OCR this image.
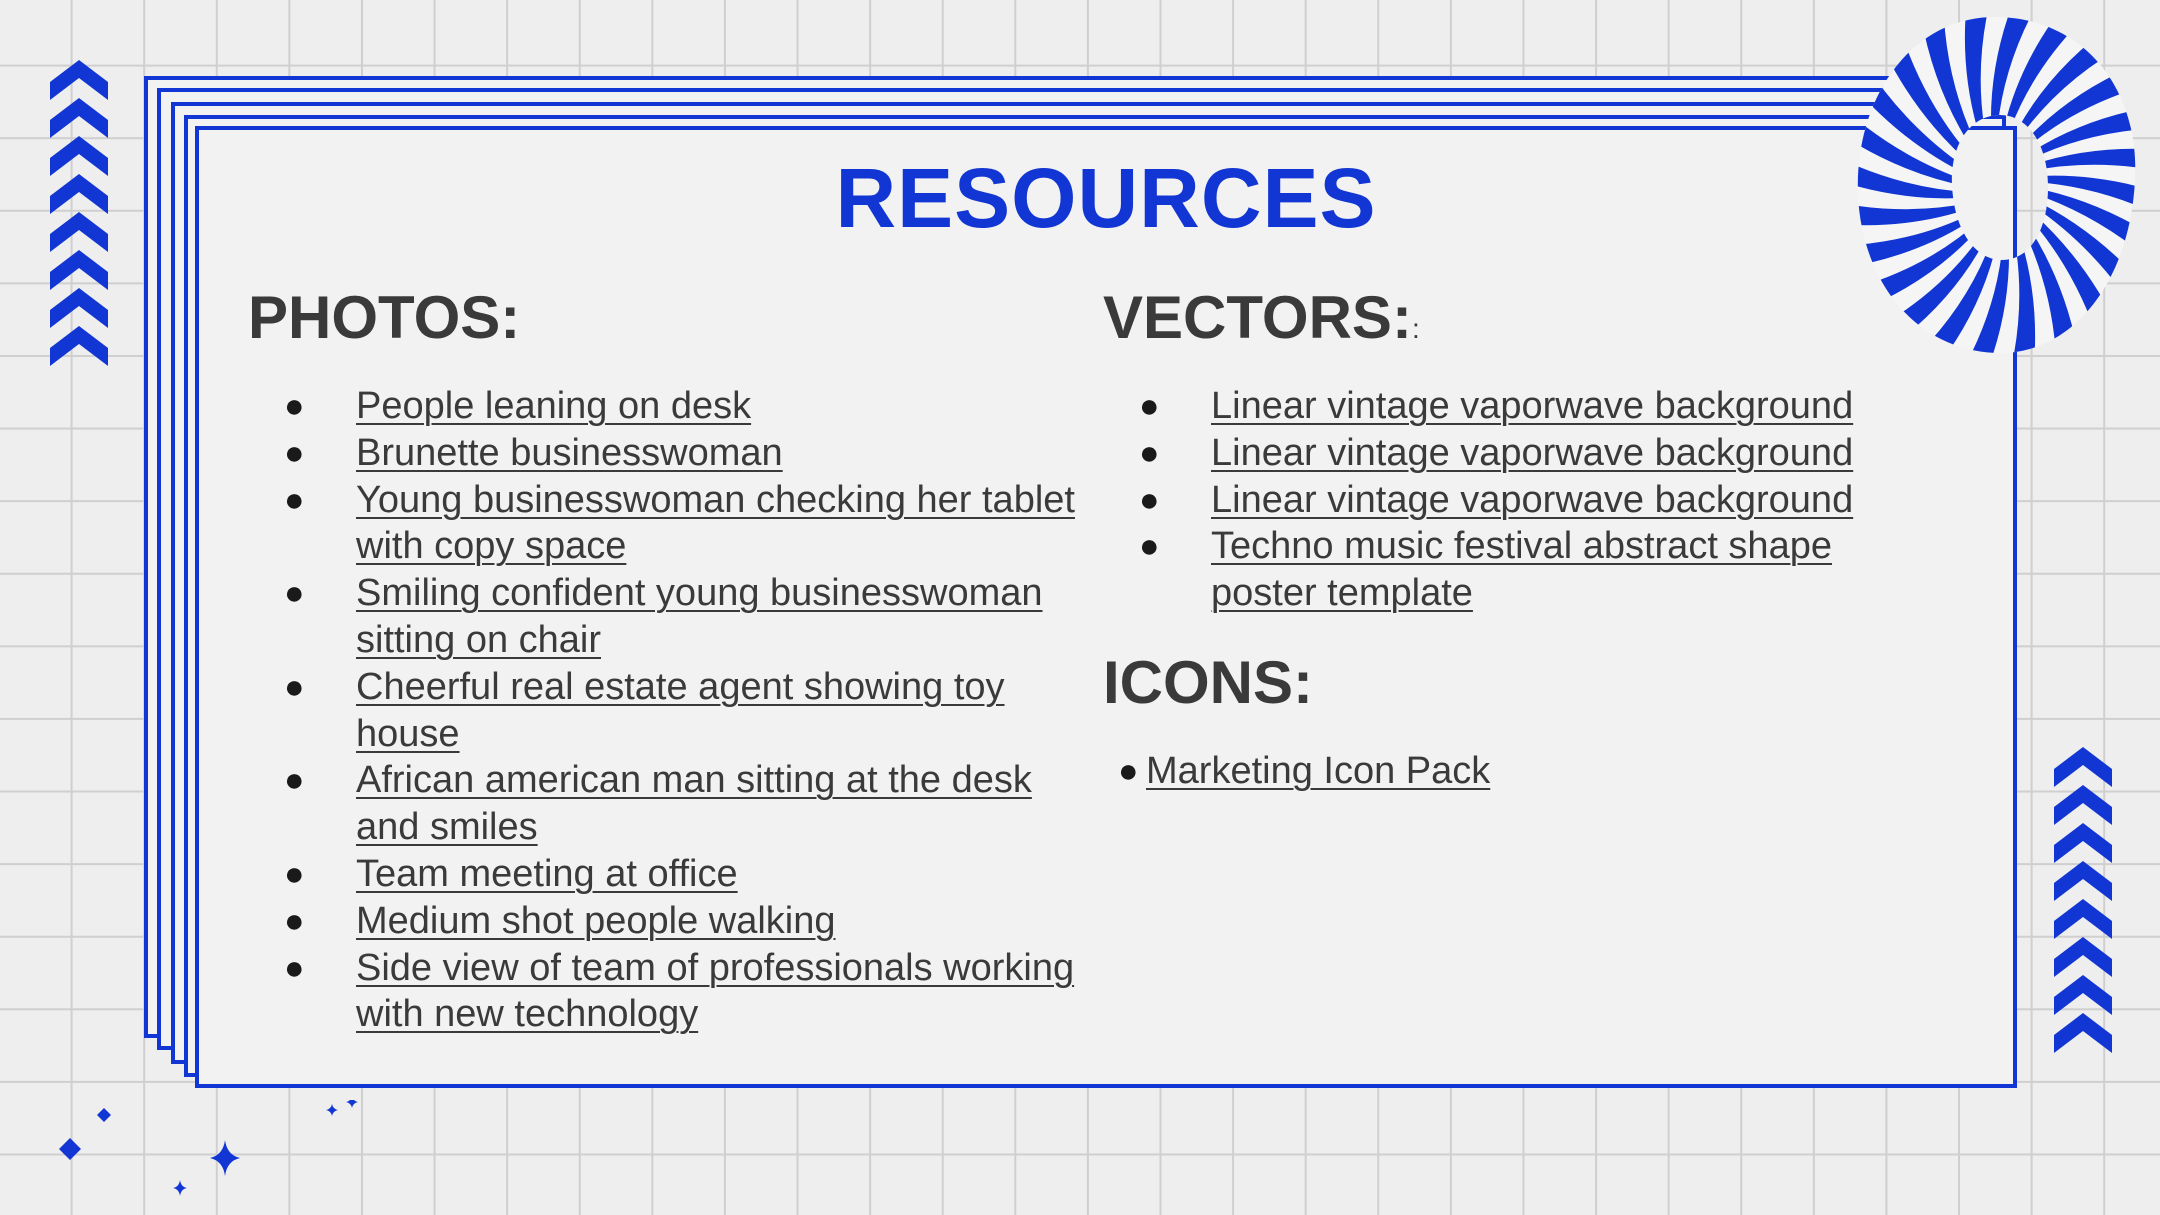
RESOURCES
PHOTOS:
● People leaning on desk
● Brunette businesswoman
● Young businesswoman checking her tablet with copy space
● Smiling confident young businesswoman sitting on chair
● Cheerful real estate agent showing toy house
● African american man sitting at the desk and smiles
● Team meeting at office
● Medium shot people walking
● Side view of team of professionals working with new technology
VECTORS::
● Linear vintage vaporwave background
● Linear vintage vaporwave background
● Linear vintage vaporwave background
● Techno music festival abstract shape poster template
ICONS:
● Marketing Icon Pack
